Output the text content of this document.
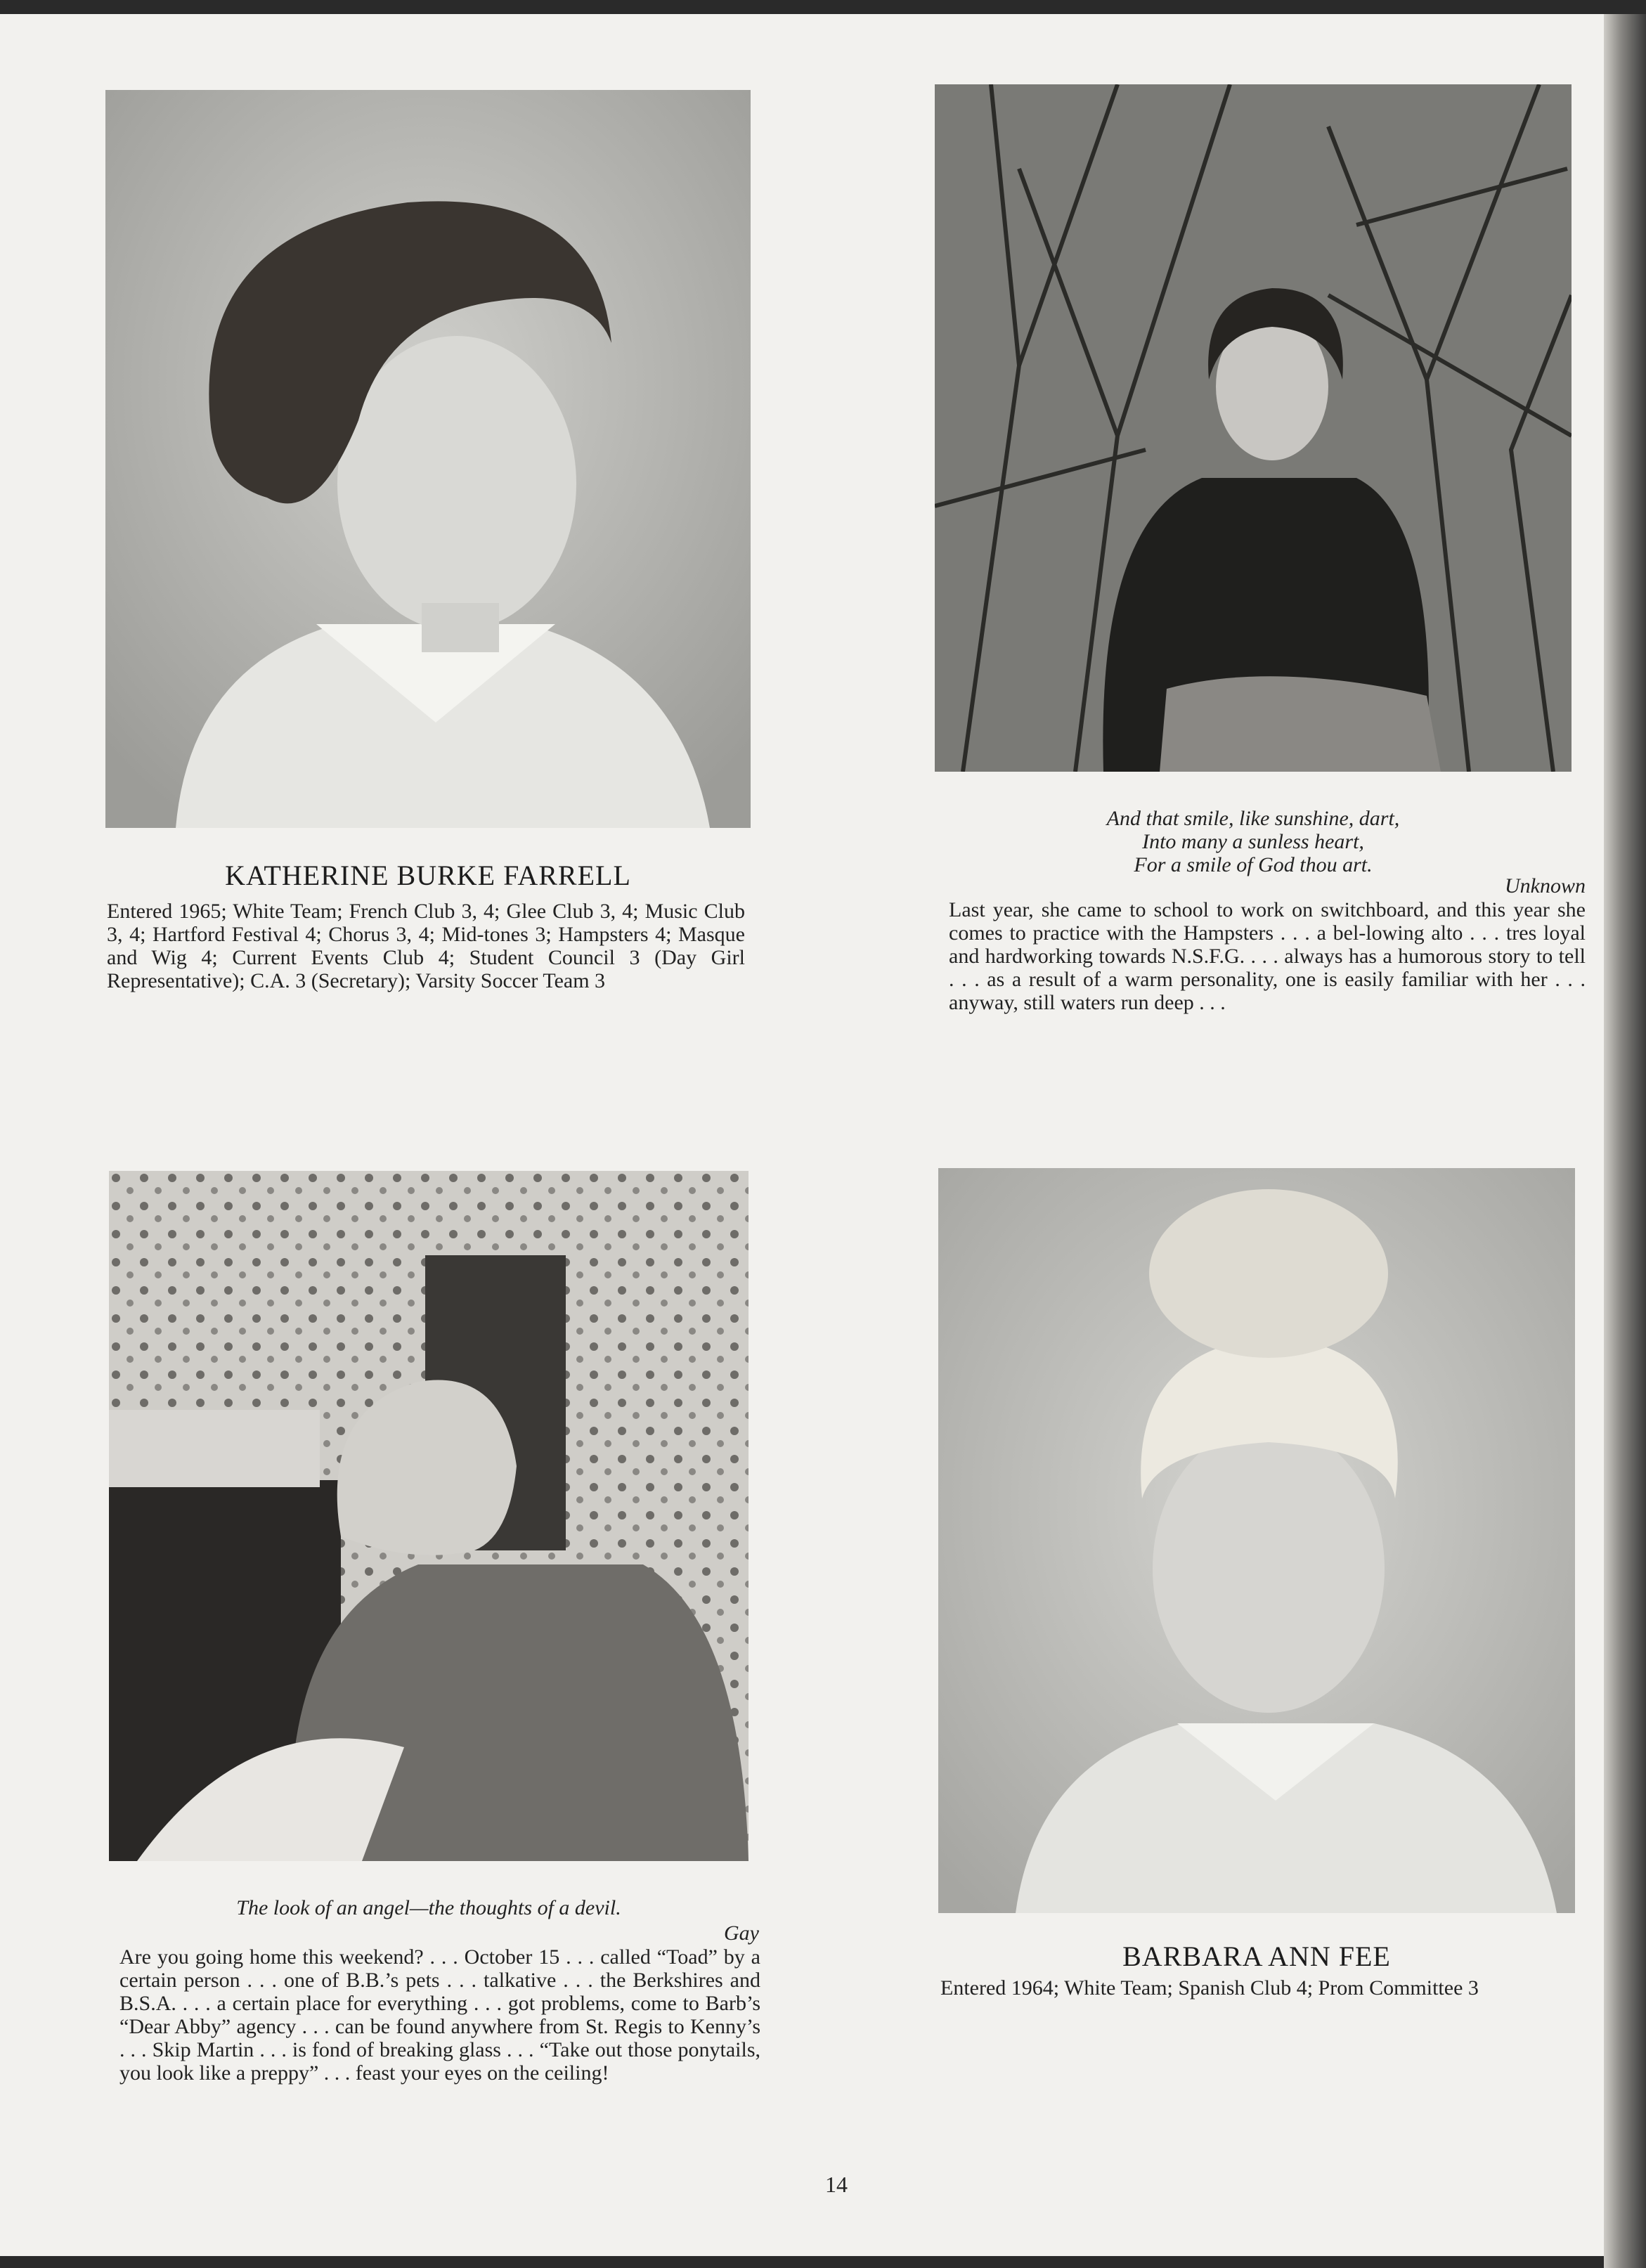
KATHERINE BURKE FARRELL
Entered 1965; White Team; French Club 3, 4; Glee Club 3, 4; Music Club 3, 4; Hartford Festival 4; Chorus 3, 4; Mid-tones 3; Hampsters 4; Masque and Wig 4; Current Events Club 4; Student Council 3 (Day Girl Representative); C.A. 3 (Secretary); Varsity Soccer Team 3
And that smile, like sunshine, dart,
Into many a sunless heart,
For a smile of God thou art.
Unknown
Last year, she came to school to work on switchboard, and this year she comes to practice with the Hampsters . . . a bel-lowing alto . . . tres loyal and hardworking towards N.S.F.G. . . . always has a humorous story to tell . . . as a result of a warm personality, one is easily familiar with her . . . anyway, still waters run deep . . .
The look of an angel—the thoughts of a devil.
Gay
Are you going home this weekend? . . . October 15 . . . called “Toad” by a certain person . . . one of B.B.’s pets . . . talkative . . . the Berkshires and B.S.A. . . . a certain place for everything . . . got problems, come to Barb’s “Dear Abby” agency . . . can be found anywhere from St. Regis to Kenny’s . . . Skip Martin . . . is fond of breaking glass . . . “Take out those ponytails, you look like a preppy” . . . feast your eyes on the ceiling!
BARBARA ANN FEE
Entered 1964; White Team; Spanish Club 4; Prom Committee 3
14
